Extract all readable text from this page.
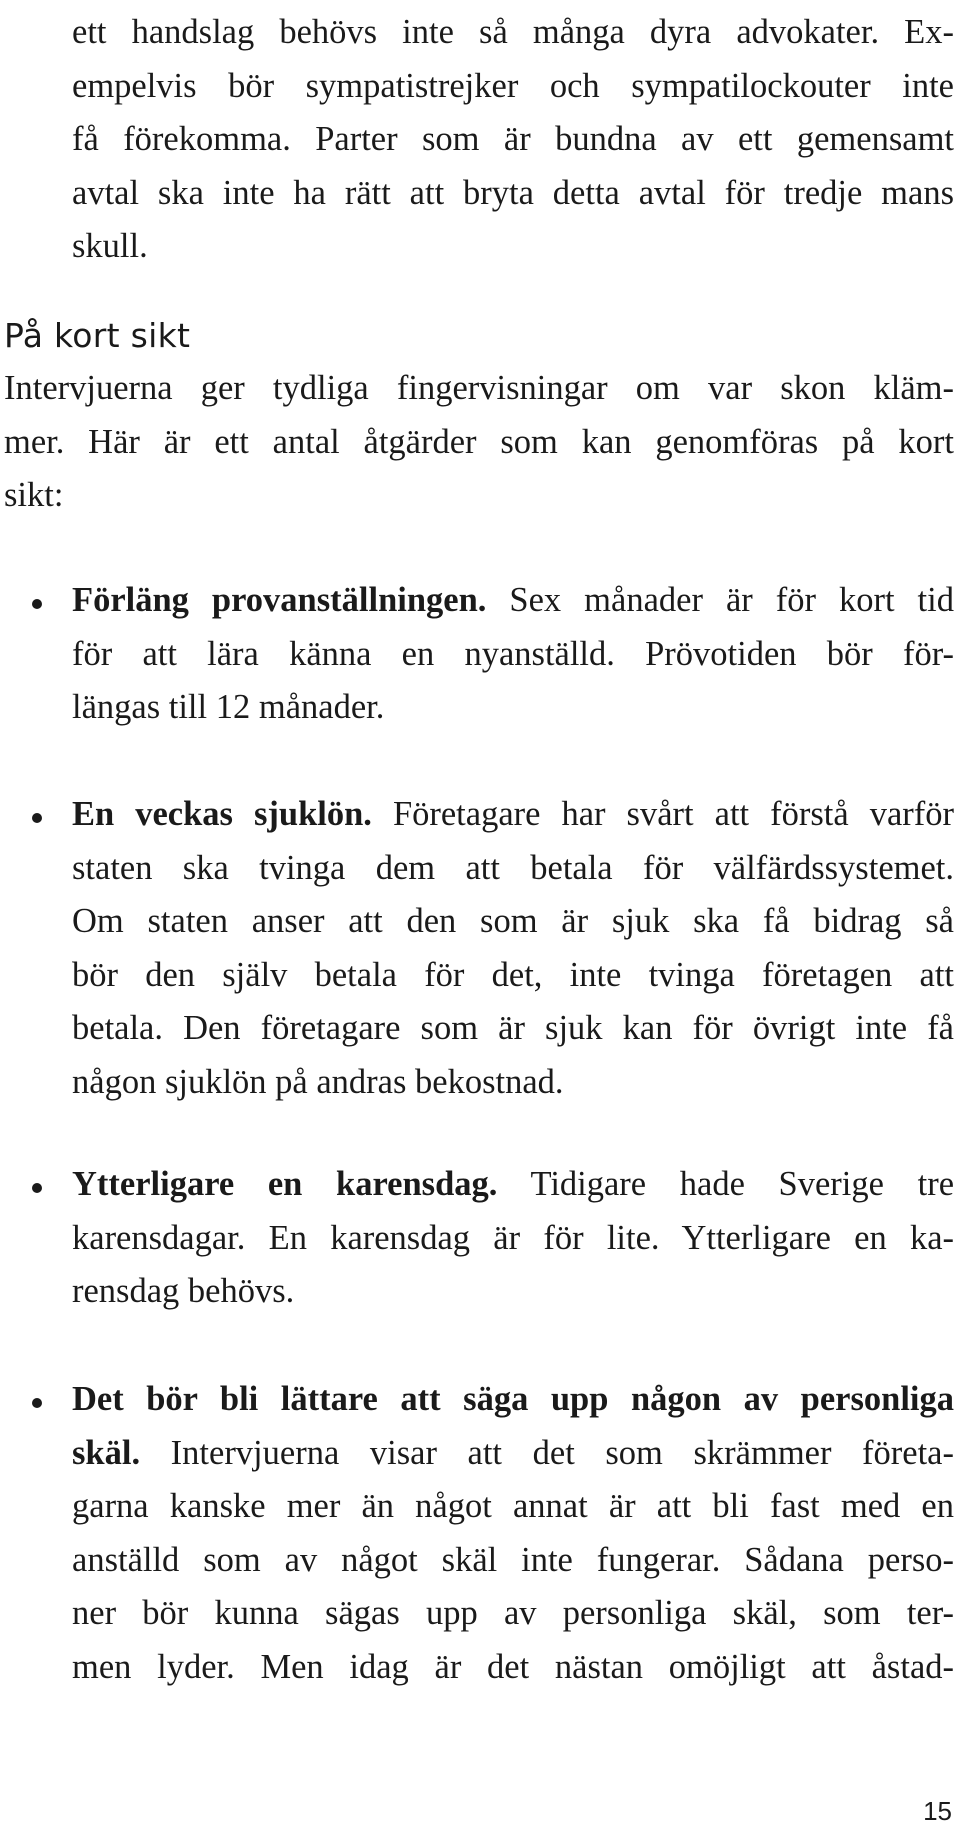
ett handslag behövs inte så många dyra advokater. Ex-
empelvis bör sympatistrejker och sympatilockouter inte
få förekomma. Parter som är bundna av ett gemensamt
avtal ska inte ha rätt att bryta detta avtal för tredje mans
skull.
På kort sikt
Intervjuerna ger tydliga fingervisningar om var skon kläm-
mer. Här är ett antal åtgärder som kan genomföras på kort
sikt:
Förläng provanställningen. Sex månader är för kort tid
för att lära känna en nyanställd. Prövotiden bör för-
längas till 12 månader.
En veckas sjuklön. Företagare har svårt att förstå varför
staten ska tvinga dem att betala för välfärdssystemet.
Om staten anser att den som är sjuk ska få bidrag så
bör den själv betala för det, inte tvinga företagen att
betala. Den företagare som är sjuk kan för övrigt inte få
någon sjuklön på andras bekostnad.
Ytterligare en karensdag. Tidigare hade Sverige tre
karensdagar. En karensdag är för lite. Ytterligare en ka-
rensdag behövs.
Det bör bli lättare att säga upp någon av personliga
skäl. Intervjuerna visar att det som skrämmer företa-
garna kanske mer än något annat är att bli fast med en
anställd som av något skäl inte fungerar. Sådana perso-
ner bör kunna sägas upp av personliga skäl, som ter-
men lyder. Men idag är det nästan omöjligt att åstad-
15
